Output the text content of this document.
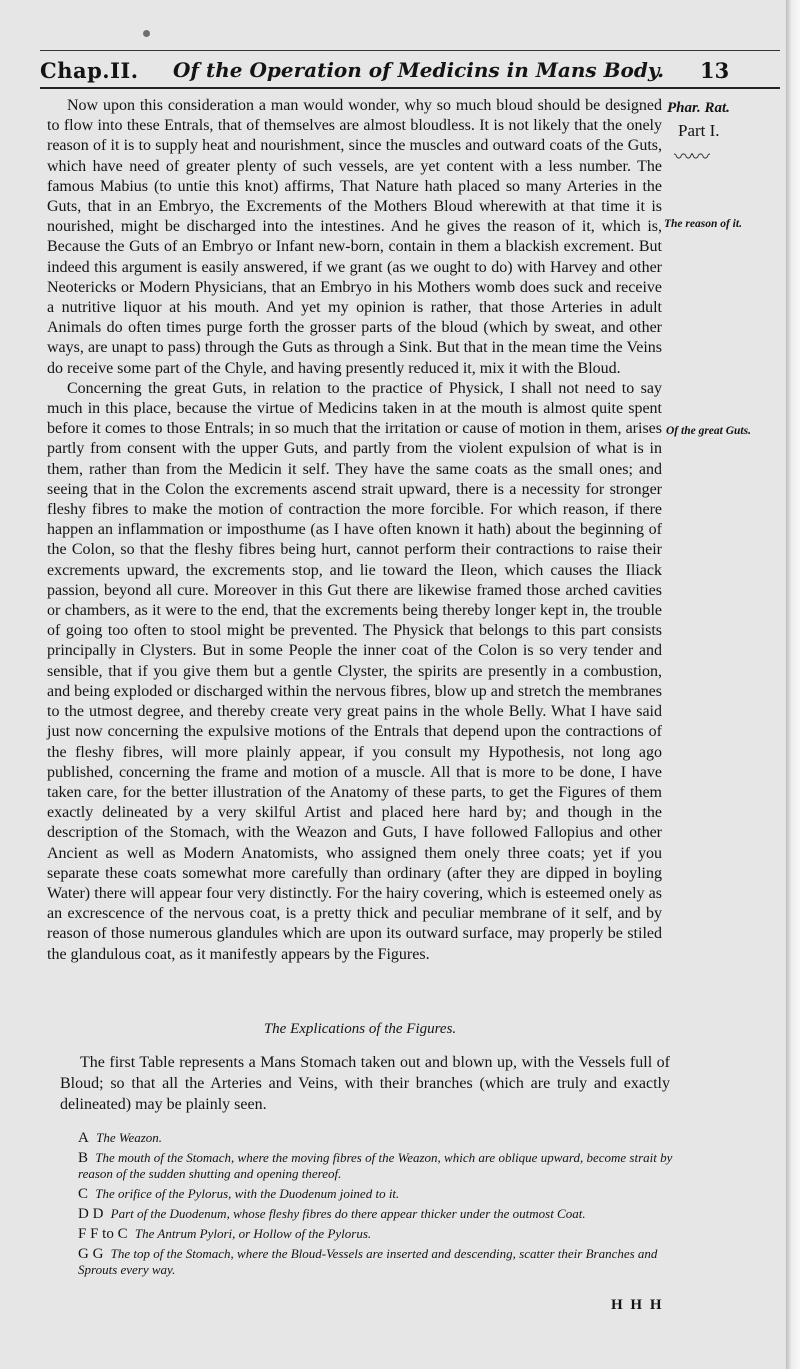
Chap.II. Of the Operation of Medicins in Mans Body. 13
Phar. Rat.
Part I.
〰〰
The reason of it.
Of the great Guts.

Now upon this consideration a man would wonder, why so much bloud should be designed to flow into these Entrals, that of themselves are almost bloudless. It is not likely that the onely reason of it is to supply heat and nourishment, since the muscles and outward coats of the Guts, which have need of greater plenty of such vessels, are yet content with a less number. The famous Mabius (to untie this knot) affirms, That Nature hath placed so many Arteries in the Guts, that in an Embryo, the Excrements of the Mothers Bloud wherewith at that time it is nourished, might be discharged into the intestines. And he gives the reason of it, which is, Because the Guts of an Embryo or Infant new-born, contain in them a blackish excrement. But indeed this argument is easily answered, if we grant (as we ought to do) with Harvey and other Neotericks or Modern Physicians, that an Embryo in his Mothers womb does suck and receive a nutritive liquor at his mouth. And yet my opinion is rather, that those Arteries in adult Animals do often times purge forth the grosser parts of the bloud (which by sweat, and other ways, are unapt to pass) through the Guts as through a Sink. But that in the mean time the Veins do receive some part of the Chyle, and having presently reduced it, mix it with the Bloud.

Concerning the great Guts, in relation to the practice of Physick, I shall not need to say much in this place, because the virtue of Medicins taken in at the mouth is almost quite spent before it comes to those Entrals; in so much that the irritation or cause of motion in them, arises partly from consent with the upper Guts, and partly from the violent expulsion of what is in them, rather than from the Medicin it self. They have the same coats as the small ones; and seeing that in the Colon the excrements ascend strait upward, there is a necessity for stronger fleshy fibres to make the motion of contraction the more forcible. For which reason, if there happen an inflammation or imposthume (as I have often known it hath) about the beginning of the Colon, so that the fleshy fibres being hurt, cannot perform their contractions to raise their excrements upward, the excrements stop, and lie toward the Ileon, which causes the Iliack passion, beyond all cure. Moreover in this Gut there are likewise framed those arched cavities or chambers, as it were to the end, that the excrements being thereby longer kept in, the trouble of going too often to stool might be prevented. The Physick that belongs to this part consists principally in Clysters. But in some People the inner coat of the Colon is so very tender and sensible, that if you give them but a gentle Clyster, the spirits are presently in a combustion, and being exploded or discharged within the nervous fibres, blow up and stretch the membranes to the utmost degree, and thereby create very great pains in the whole Belly. What I have said just now concerning the expulsive motions of the Entrals that depend upon the contractions of the fleshy fibres, will more plainly appear, if you consult my Hypothesis, not long ago published, concerning the frame and motion of a muscle. All that is more to be done, I have taken care, for the better illustration of the Anatomy of these parts, to get the Figures of them exactly delineated by a very skilful Artist and placed here hard by; and though in the description of the Stomach, with the Weazon and Guts, I have followed Fallopius and other Ancient as well as Modern Anatomists, who assigned them onely three coats; yet if you separate these coats somewhat more carefully than ordinary (after they are dipped in boyling Water) there will appear four very distinctly. For the hairy covering, which is esteemed onely as an excrescence of the nervous coat, is a pretty thick and peculiar membrane of it self, and by reason of those numerous glandules which are upon its outward surface, may properly be stiled the glandulous coat, as it manifestly appears by the Figures.

The Explications of the Figures.

The first Table represents a Mans Stomach taken out and blown up, with the Vessels full of Bloud; so that all the Arteries and Veins, with their branches (which are truly and exactly delineated) may be plainly seen.

A The Weazon.
B The mouth of the Stomach, where the moving fibres of the Weazon, which are oblique upward, become strait by reason of the sudden shutting and opening thereof.
C The orifice of the Pylorus, with the Duodenum joined to it.
D D Part of the Duodenum, whose fleshy fibres do there appear thicker under the outmost Coat.
F F to C The Antrum Pylori, or Hollow of the Pylorus.
G G The top of the Stomach, where the Bloud-Vessels are inserted and descending, scatter their Branches and Sprouts every way.
H H H
